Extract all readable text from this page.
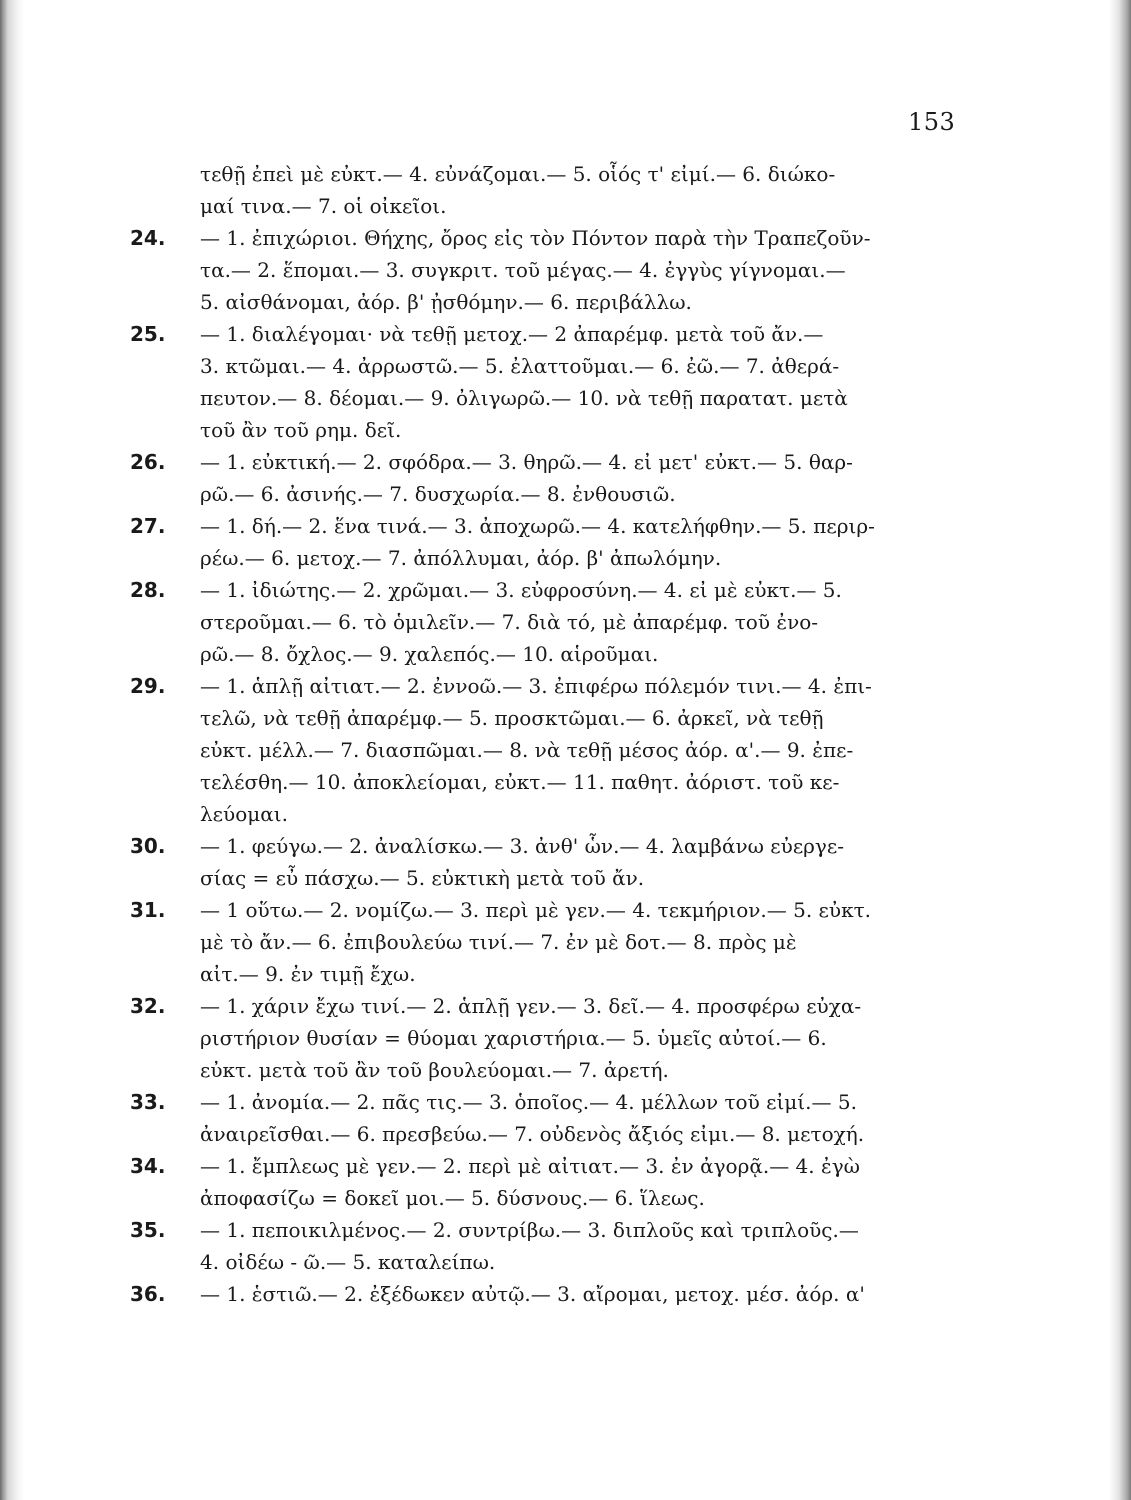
153
τεθῇ ἐπεὶ μὲ εὐκτ.— 4. εὐνάζομαι.— 5. οἷός τ' εἰμί.— 6. διώκο-
μαί τινα.— 7. οἱ οἰκεῖοι.
24.	— 1. ἐπιχώριοι. Θήχης, ὄρος εἰς τὸν Πόντον παρὰ τὴν Τραπεζοῦν-
τα.— 2. ἕπομαι.— 3. συγκριτ. τοῦ μέγας.— 4. ἐγγὺς γίγνομαι.—
5. αἰσθάνομαι, ἀόρ. β' ᾐσθόμην.— 6. περιβάλλω.
25.	— 1. διαλέγομαι· νὰ τεθῇ μετοχ.— 2 ἀπαρέμφ. μετὰ τοῦ ἄν.—
3. κτῶμαι.— 4. ἀρρωστῶ.— 5. ἐλαττοῦμαι.— 6. ἐῶ.— 7. ἀθερά-
πευτον.— 8. δέομαι.— 9. ὀλιγωρῶ.— 10. νὰ τεθῇ παρατατ. μετὰ
τοῦ ἂν τοῦ ρημ. δεῖ.
26.	— 1. εὐκτική.— 2. σφόδρα.— 3. θηρῶ.— 4. εἰ μετ' εὐκτ.— 5. θαρ-
ρῶ.— 6. ἀσινής.— 7. δυσχωρία.— 8. ἐνθουσιῶ.
27.	— 1. δή.— 2. ἕνα τινά.— 3. ἀποχωρῶ.— 4. κατελήφθην.— 5. περιρ-
ρέω.— 6. μετοχ.— 7. ἀπόλλυμαι, ἀόρ. β' ἀπωλόμην.
28.	— 1. ἰδιώτης.— 2. χρῶμαι.— 3. εὐφροσύνη.— 4. εἰ μὲ εὐκτ.— 5.
στεροῦμαι.— 6. τὸ ὁμιλεῖν.— 7. διὰ τό, μὲ ἀπαρέμφ. τοῦ ἐνο-
ρῶ.— 8. ὄχλος.— 9. χαλεπός.— 10. αἱροῦμαι.
29.	— 1. ἁπλῇ αἰτιατ.— 2. ἐννοῶ.— 3. ἐπιφέρω πόλεμόν τινι.— 4. ἐπι-
τελῶ, νὰ τεθῇ ἀπαρέμφ.— 5. προσκτῶμαι.— 6. ἀρκεῖ, νὰ τεθῇ
εὐκτ. μέλλ.— 7. διασπῶμαι.— 8. νὰ τεθῇ μέσος ἀόρ. α'.— 9. ἐπε-
τελέσθη.— 10. ἀποκλείομαι, εὐκτ.— 11. παθητ. ἀόριστ. τοῦ κε-
λεύομαι.
30.	— 1. φεύγω.— 2. ἀναλίσκω.— 3. ἀνθ' ὧν.— 4. λαμβάνω εὐεργε-
σίας = εὖ πάσχω.— 5. εὐκτικὴ μετὰ τοῦ ἄν.
31.	— 1 οὕτω.— 2. νομίζω.— 3. περὶ μὲ γεν.— 4. τεκμήριον.— 5. εὐκτ.
μὲ τὸ ἄν.— 6. ἐπιβουλεύω τινί.— 7. ἐν μὲ δοτ.— 8. πρὸς μὲ
αἰτ.— 9. ἐν τιμῇ ἔχω.
32.	— 1. χάριν ἔχω τινί.— 2. ἁπλῇ γεν.— 3. δεῖ.— 4. προσφέρω εὐχα-
ριστήριον θυσίαν = θύομαι χαριστήρια.— 5. ὑμεῖς αὐτοί.— 6.
εὐκτ. μετὰ τοῦ ἂν τοῦ βουλεύομαι.— 7. ἀρετή.
33.	— 1. ἀνομία.— 2. πᾶς τις.— 3. ὁποῖος.— 4. μέλλων τοῦ εἰμί.— 5.
ἀναιρεῖσθαι.— 6. πρεσβεύω.— 7. οὐδενὸς ἄξιός εἰμι.— 8. μετοχή.
34.	— 1. ἔμπλεως μὲ γεν.— 2. περὶ μὲ αἰτιατ.— 3. ἐν ἀγορᾷ.— 4. ἐγὼ
ἀποφασίζω = δοκεῖ μοι.— 5. δύσνους.— 6. ἵλεως.
35.	— 1. πεποικιλμένος.— 2. συντρίβω.— 3. διπλοῦς καὶ τριπλοῦς.—
4. οἰδέω - ῶ.— 5. καταλείπω.
36.	— 1. ἑστιῶ.— 2. ἐξέδωκεν αὐτῷ.— 3. αἴρομαι, μετοχ. μέσ. ἀόρ. α'
